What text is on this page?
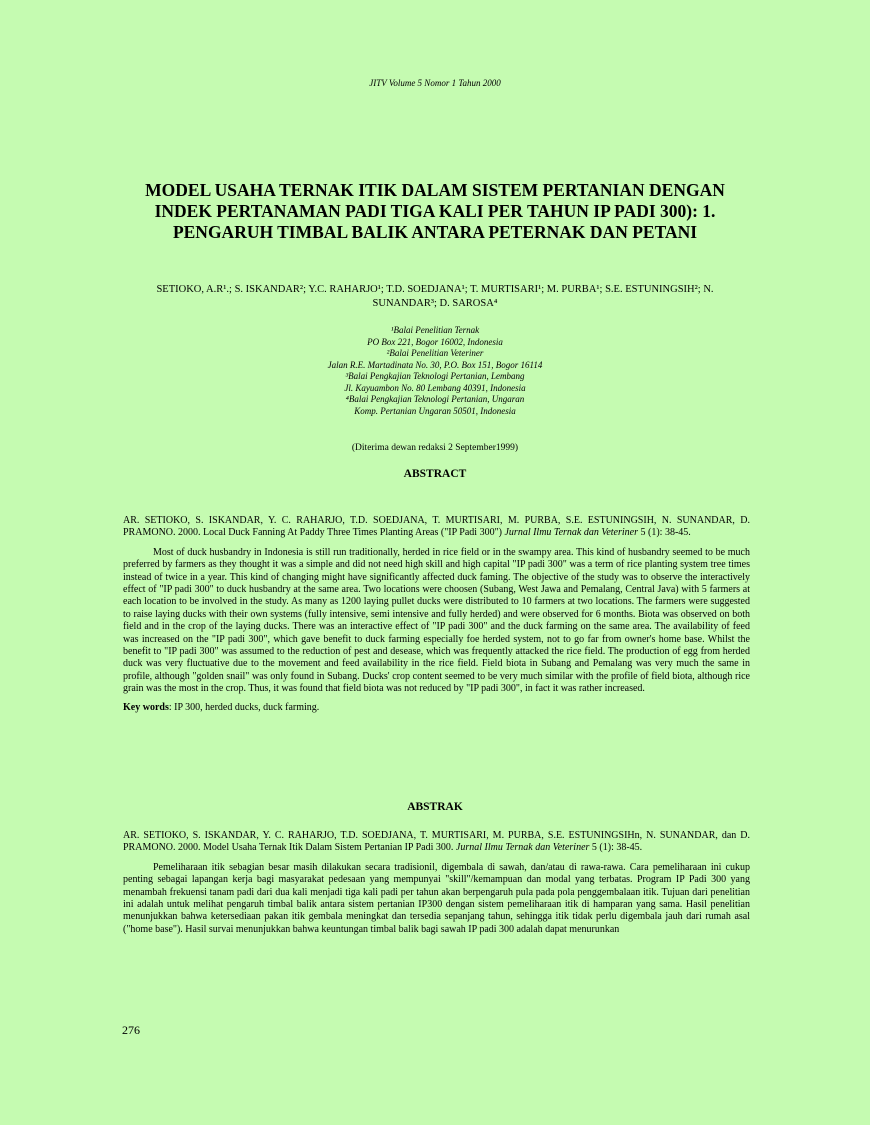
JITV Volume 5 Nomor 1 Tahun 2000
MODEL USAHA TERNAK ITIK DALAM SISTEM PERTANIAN DENGAN INDEK PERTANAMAN PADI TIGA KALI PER TAHUN IP PADI 300): 1. PENGARUH TIMBAL BALIK ANTARA PETERNAK DAN PETANI
SETIOKO, A.R¹.; S. ISKANDAR²; Y.C. RAHARJO¹; T.D. SOEDJANA¹; T. MURTISARI¹; M. PURBA¹; S.E. ESTUNINGSIH²; N. SUNANDAR³; D. SAROSA⁴
¹Balai Penelitian Ternak
PO Box 221, Bogor 16002, Indonesia
²Balai Penelitian Veteriner
Jalan R.E. Martadinata No. 30, P.O. Box 151, Bogor 16114
³Balai Pengkajian Teknologi Pertanian, Lembang
Jl. Kayuambon No. 80 Lembang 40391, Indonesia
⁴Balai Pengkajian Teknologi Pertanian, Ungaran
Komp. Pertanian Ungaran 50501, Indonesia
(Diterima dewan redaksi 2 September1999)
ABSTRACT

AR. SETIOKO, S. ISKANDAR, Y. C. RAHARJO, T.D. SOEDJANA, T. MURTISARI, M. PURBA, S.E. ESTUNINGSIH, N. SUNANDAR, D. PRAMONO. 2000. Local Duck Fanning At Paddy Three Times Planting Areas ("IP Padi 300") Jurnal Ilmu Ternak dan Veteriner 5 (1): 38-45.

Most of duck husbandry in Indonesia is still run traditionally, herded in rice field or in the swampy area. This kind of husbandry seemed to be much preferred by farmers as they thought it was a simple and did not need high skill and high capital "IP padi 300" was a term of rice planting system tree times instead of twice in a year. This kind of changing might have significantly affected duck faming. The objective of the study was to observe the interactively effect of "IP padi 300" to duck husbandry at the same area. Two locations were choosen (Subang, West Jawa and Pemalang, Central Java) with 5 farmers at each location to be involved in the study. As many as 1200 laying pullet ducks were distributed to 10 farmers at two locations. The farmers were suggested to raise laying ducks with their own systems (fully intensive, semi intensive and fully herded) and were observed for 6 months. Biota was observed on both field and in the crop of the laying ducks. There was an interactive effect of "IP padi 300" and the duck farming on the same area. The availability of feed was increased on the "IP padi 300", which gave benefit to duck farming especially foe herded system, not to go far from owner's home base. Whilst the benefit to "IP padi 300" was assumed to the reduction of pest and desease, which was frequently attacked the rice field. The production of egg from herded duck was very fluctuative due to the movement and feed availability in the rice field. Field biota in Subang and Pemalang was very much the same in profile, although "golden snail" was only found in Subang. Ducks' crop content seemed to be very much similar with the profile of field biota, although rice grain was the most in the crop. Thus, it was found that field biota was not reduced by "IP padi 300", in fact it was rather increased.

Key words: IP 300, herded ducks, duck farming.

ABSTRAK

AR. SETIOKO, S. ISKANDAR, Y. C. RAHARJO, T.D. SOEDJANA, T. MURTISARI, M. PURBA, S.E. ESTUNINGSIHn, N. SUNANDAR, dan D. PRAMONO. 2000. Model Usaha Ternak Itik Dalam Sistem Pertanian IP Padi 300. Jurnal Ilmu Ternak dan Veteriner 5 (1): 38-45.

Pemeliharaan itik sebagian besar masih dilakukan secara tradisionil, digembala di sawah, dan/atau di rawa-rawa. Cara pemeliharaan ini cukup penting sebagai lapangan kerja bagi masyarakat pedesaan yang mempunyai "skill"/kemampuan dan modal yang terbatas. Program IP Padi 300 yang menambah frekuensi tanam padi dari dua kali menjadi tiga kali padi per tahun akan berpengaruh pula pada pola penggembalaan itik. Tujuan dari penelitian ini adalah untuk melihat pengaruh timbal balik antara sistem pertanian IP300 dengan sistem pemeliharaan itik di hamparan yang sama. Hasil penelitian menunjukkan bahwa ketersediaan pakan itik gembala meningkat dan tersedia sepanjang tahun, sehingga itik tidak perlu digembala jauh dari rumah asal ("home base"). Hasil survai menunjukkan bahwa keuntungan timbal balik bagi sawah IP padi 300 adalah dapat menurunkan

276
